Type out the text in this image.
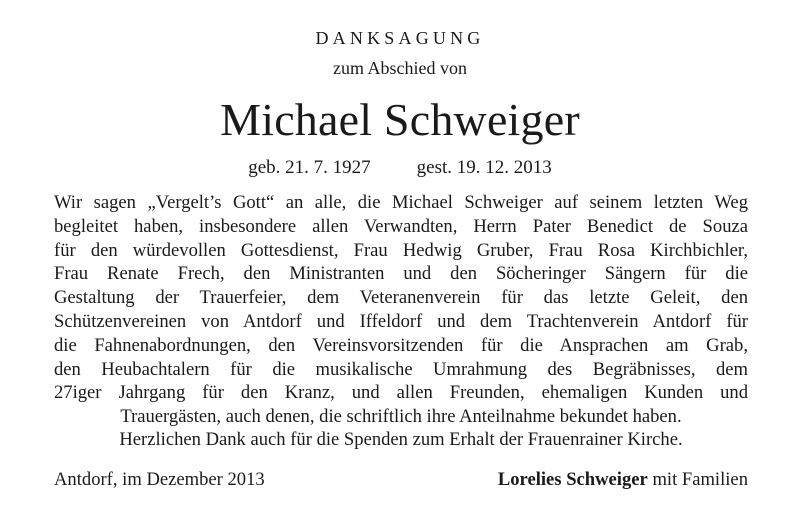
DANKSAGUNG
zum Abschied von
Michael Schweiger
geb. 21. 7. 1927 gest. 19. 12. 2013
Wir sagen „Vergelt’s Gott“ an alle, die Michael Schweiger auf seinem letzten Weg
begleitet haben, insbesondere allen Verwandten, Herrn Pater Benedict de Souza
für den würdevollen Gottesdienst, Frau Hedwig Gruber, Frau Rosa Kirchbichler,
Frau Renate Frech, den Ministranten und den Söcheringer Sängern für die
Gestaltung der Trauerfeier, dem Veteranenverein für das letzte Geleit, den
Schützenvereinen von Antdorf und Iffeldorf und dem Trachtenverein Antdorf für
die Fahnenabordnungen, den Vereinsvorsitzenden für die Ansprachen am Grab,
den Heubachtalern für die musikalische Umrahmung des Begräbnisses, dem
27iger Jahrgang für den Kranz, und allen Freunden, ehemaligen Kunden und
Trauergästen, auch denen, die schriftlich ihre Anteilnahme bekundet haben.
Herzlichen Dank auch für die Spenden zum Erhalt der Frauenrainer Kirche.
Antdorf, im Dezember 2013	Lorelies Schweiger mit Familien
